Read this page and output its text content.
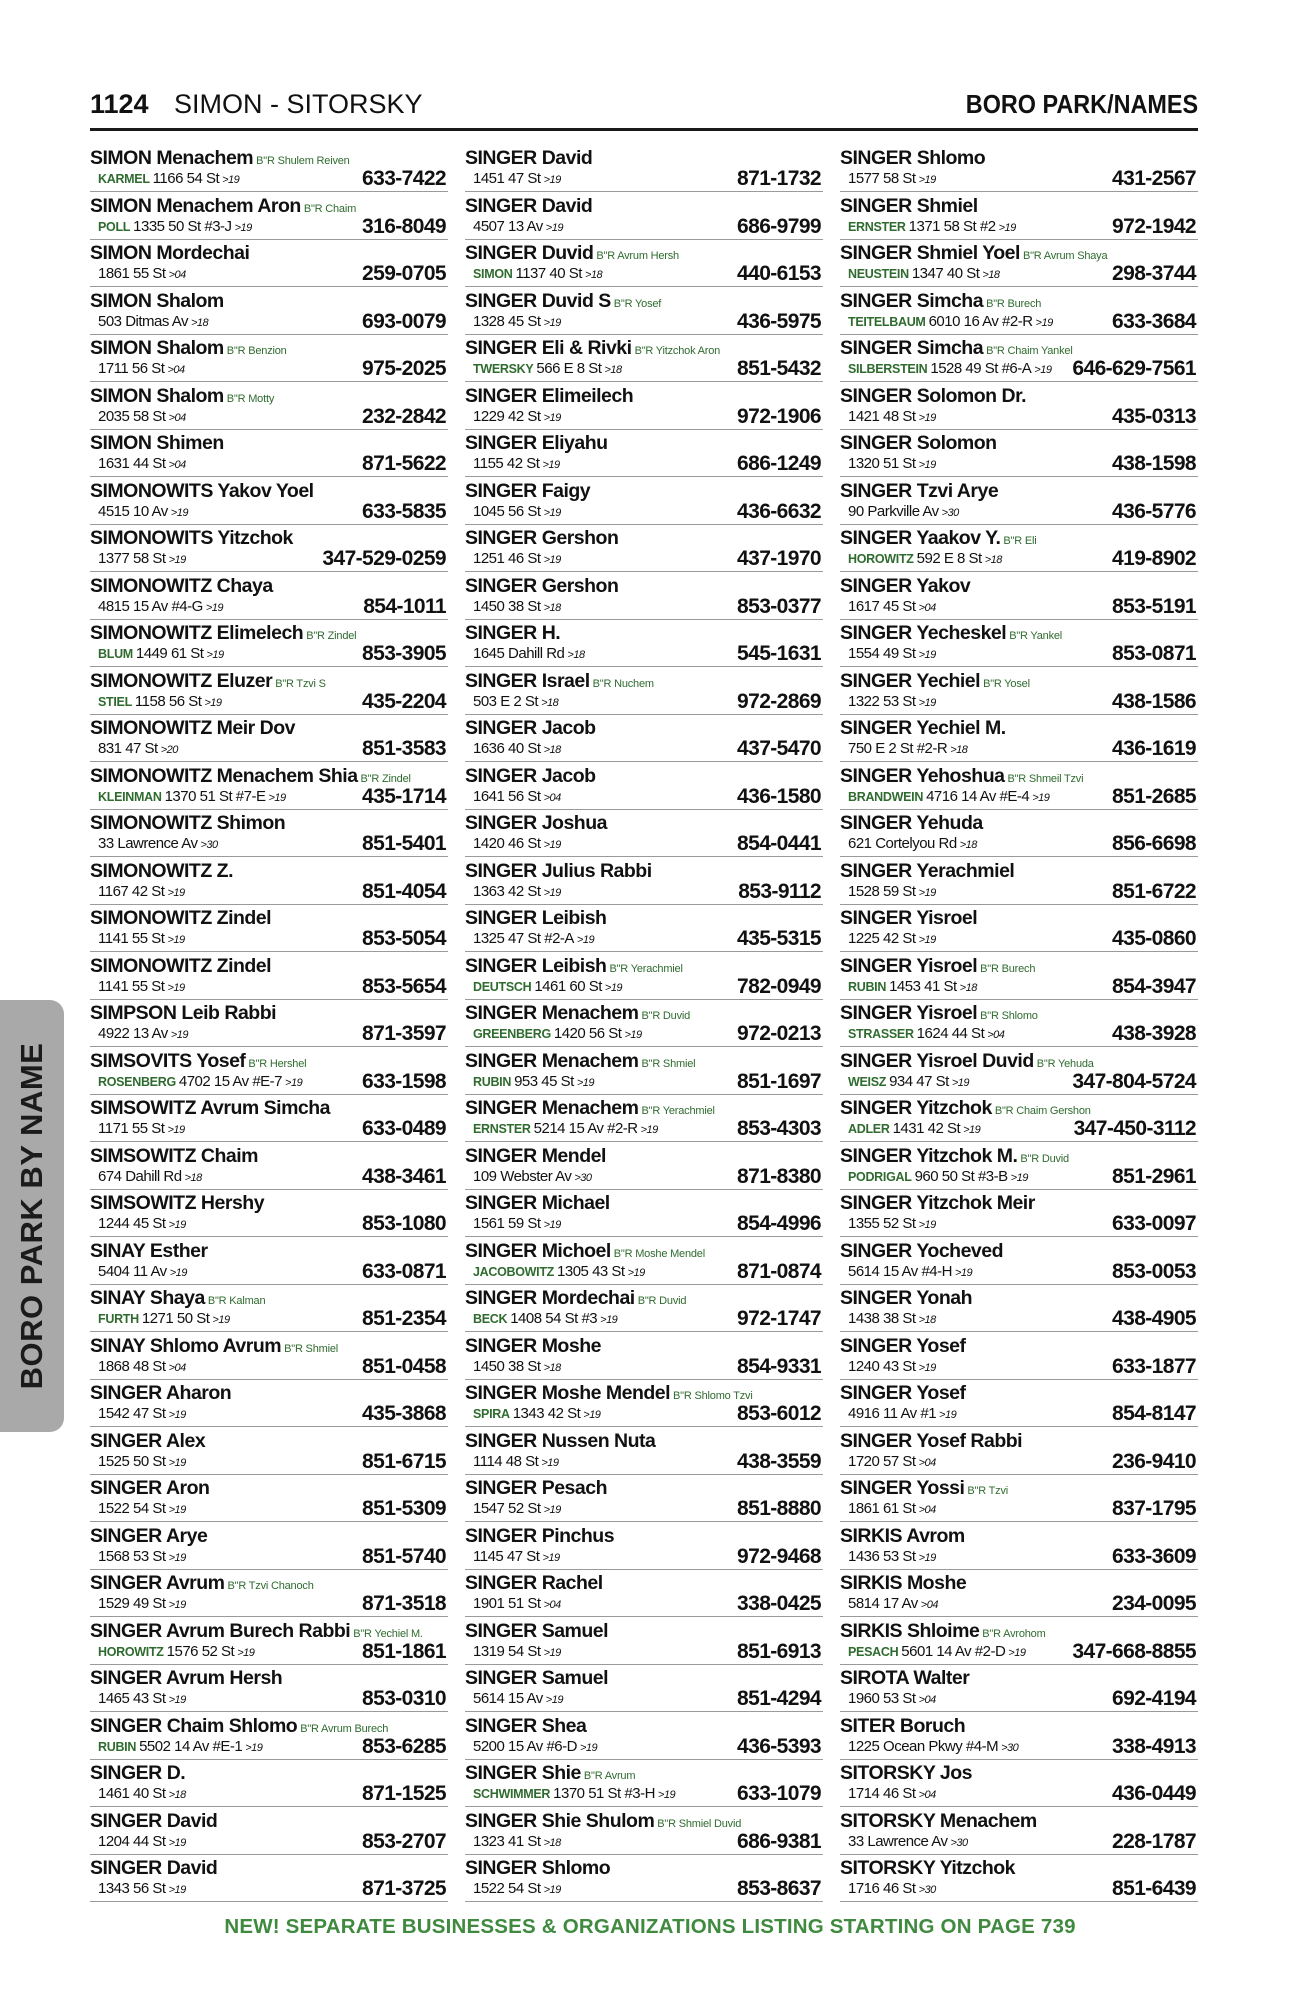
1124 SIMON - SITORSKY	BORO PARK/NAMES
BORO PARK BY NAME
SIMON Menachem B"R Shulem Reiven
KARMEL 1166 54 St >19	633-7422
SIMON Menachem Aron B"R Chaim
POLL 1335 50 St #3-J >19	316-8049
SIMON Mordechai
1861 55 St >04	259-0705
SIMON Shalom
503 Ditmas Av >18	693-0079
SIMON Shalom B"R Benzion
1711 56 St >04	975-2025
SIMON Shalom B"R Motty
2035 58 St >04	232-2842
SIMON Shimen
1631 44 St >04	871-5622
SIMONOWITS Yakov Yoel
4515 10 Av >19	633-5835
SIMONOWITS Yitzchok
1377 58 St >19	347-529-0259
SIMONOWITZ Chaya
4815 15 Av #4-G >19	854-1011
SIMONOWITZ Elimelech B"R Zindel
BLUM 1449 61 St >19	853-3905
SIMONOWITZ Eluzer B"R Tzvi S
STIEL 1158 56 St >19	435-2204
SIMONOWITZ Meir Dov
831 47 St >20	851-3583
SIMONOWITZ Menachem Shia B"R Zindel
KLEINMAN 1370 51 St #7-E >19	435-1714
SIMONOWITZ Shimon
33 Lawrence Av >30	851-5401
SIMONOWITZ Z.
1167 42 St >19	851-4054
SIMONOWITZ Zindel
1141 55 St >19	853-5054
SIMONOWITZ Zindel
1141 55 St >19	853-5654
SIMPSON Leib Rabbi
4922 13 Av >19	871-3597
SIMSOVITS Yosef B"R Hershel
ROSENBERG 4702 15 Av #E-7 >19	633-1598
SIMSOWITZ Avrum Simcha
1171 55 St >19	633-0489
SIMSOWITZ Chaim
674 Dahill Rd >18	438-3461
SIMSOWITZ Hershy
1244 45 St >19	853-1080
SINAY Esther
5404 11 Av >19	633-0871
SINAY Shaya B"R Kalman
FURTH 1271 50 St >19	851-2354
SINAY Shlomo Avrum B"R Shmiel
1868 48 St >04	851-0458
SINGER Aharon
1542 47 St >19	435-3868
SINGER Alex
1525 50 St >19	851-6715
SINGER Aron
1522 54 St >19	851-5309
SINGER Arye
1568 53 St >19	851-5740
SINGER Avrum B"R Tzvi Chanoch
1529 49 St >19	871-3518
SINGER Avrum Burech Rabbi B"R Yechiel M.
HOROWITZ 1576 52 St >19	851-1861
SINGER Avrum Hersh
1465 43 St >19	853-0310
SINGER Chaim Shlomo B"R Avrum Burech
RUBIN 5502 14 Av #E-1 >19	853-6285
SINGER D.
1461 40 St >18	871-1525
SINGER David
1204 44 St >19	853-2707
SINGER David
1343 56 St >19	871-3725
SINGER David
1451 47 St >19	871-1732
SINGER David
4507 13 Av >19	686-9799
SINGER Duvid B"R Avrum Hersh
SIMON 1137 40 St >18	440-6153
SINGER Duvid S B"R Yosef
1328 45 St >19	436-5975
SINGER Eli & Rivki B"R Yitzchok Aron
TWERSKY 566 E 8 St >18	851-5432
SINGER Elimeilech
1229 42 St >19	972-1906
SINGER Eliyahu
1155 42 St >19	686-1249
SINGER Faigy
1045 56 St >19	436-6632
SINGER Gershon
1251 46 St >19	437-1970
SINGER Gershon
1450 38 St >18	853-0377
SINGER H.
1645 Dahill Rd >18	545-1631
SINGER Israel B"R Nuchem
503 E 2 St >18	972-2869
SINGER Jacob
1636 40 St >18	437-5470
SINGER Jacob
1641 56 St >04	436-1580
SINGER Joshua
1420 46 St >19	854-0441
SINGER Julius Rabbi
1363 42 St >19	853-9112
SINGER Leibish
1325 47 St #2-A >19	435-5315
SINGER Leibish B"R Yerachmiel
DEUTSCH 1461 60 St >19	782-0949
SINGER Menachem B"R Duvid
GREENBERG 1420 56 St >19	972-0213
SINGER Menachem B"R Shmiel
RUBIN 953 45 St >19	851-1697
SINGER Menachem B"R Yerachmiel
ERNSTER 5214 15 Av #2-R >19	853-4303
SINGER Mendel
109 Webster Av >30	871-8380
SINGER Michael
1561 59 St >19	854-4996
SINGER Michoel B"R Moshe Mendel
JACOBOWITZ 1305 43 St >19	871-0874
SINGER Mordechai B"R Duvid
BECK 1408 54 St #3 >19	972-1747
SINGER Moshe
1450 38 St >18	854-9331
SINGER Moshe Mendel B"R Shlomo Tzvi
SPIRA 1343 42 St >19	853-6012
SINGER Nussen Nuta
1114 48 St >19	438-3559
SINGER Pesach
1547 52 St >19	851-8880
SINGER Pinchus
1145 47 St >19	972-9468
SINGER Rachel
1901 51 St >04	338-0425
SINGER Samuel
1319 54 St >19	851-6913
SINGER Samuel
5614 15 Av >19	851-4294
SINGER Shea
5200 15 Av #6-D >19	436-5393
SINGER Shie B"R Avrum
SCHWIMMER 1370 51 St #3-H >19	633-1079
SINGER Shie Shulom B"R Shmiel Duvid
1323 41 St >18	686-9381
SINGER Shlomo
1522 54 St >19	853-8637
SINGER Shlomo
1577 58 St >19	431-2567
SINGER Shmiel
ERNSTER 1371 58 St #2 >19	972-1942
SINGER Shmiel Yoel B"R Avrum Shaya
NEUSTEIN 1347 40 St >18	298-3744
SINGER Simcha B"R Burech
TEITELBAUM 6010 16 Av #2-R >19	633-3684
SINGER Simcha B"R Chaim Yankel
SILBERSTEIN 1528 49 St #6-A >19 646-629-7561
SINGER Solomon Dr.
1421 48 St >19	435-0313
SINGER Solomon
1320 51 St >19	438-1598
SINGER Tzvi Arye
90 Parkville Av >30	436-5776
SINGER Yaakov Y. B"R Eli
HOROWITZ 592 E 8 St >18	419-8902
SINGER Yakov
1617 45 St >04	853-5191
SINGER Yecheskel B"R Yankel
1554 49 St >19	853-0871
SINGER Yechiel B"R Yosel
1322 53 St >19	438-1586
SINGER Yechiel M.
750 E 2 St #2-R >18	436-1619
SINGER Yehoshua B"R Shmeil Tzvi
BRANDWEIN 4716 14 Av #E-4 >19	851-2685
SINGER Yehuda
621 Cortelyou Rd >18	856-6698
SINGER Yerachmiel
1528 59 St >19	851-6722
SINGER Yisroel
1225 42 St >19	435-0860
SINGER Yisroel B"R Burech
RUBIN 1453 41 St >18	854-3947
SINGER Yisroel B"R Shlomo
STRASSER 1624 44 St >04	438-3928
SINGER Yisroel Duvid B"R Yehuda
WEISZ 934 47 St >19	347-804-5724
SINGER Yitzchok B"R Chaim Gershon
ADLER 1431 42 St >19	347-450-3112
SINGER Yitzchok M. B"R Duvid
PODRIGAL 960 50 St #3-B >19	851-2961
SINGER Yitzchok Meir
1355 52 St >19	633-0097
SINGER Yocheved
5614 15 Av #4-H >19	853-0053
SINGER Yonah
1438 38 St >18	438-4905
SINGER Yosef
1240 43 St >19	633-1877
SINGER Yosef
4916 11 Av #1 >19	854-8147
SINGER Yosef Rabbi
1720 57 St >04	236-9410
SINGER Yossi B"R Tzvi
1861 61 St >04	837-1795
SIRKIS Avrom
1436 53 St >19	633-3609
SIRKIS Moshe
5814 17 Av >04	234-0095
SIRKIS Shloime B"R Avrohom
PESACH 5601 14 Av #2-D >19 347-668-8855
SIROTA Walter
1960 53 St >04	692-4194
SITER Boruch
1225 Ocean Pkwy #4-M >30	338-4913
SITORSKY Jos
1714 46 St >04	436-0449
SITORSKY Menachem
33 Lawrence Av >30	228-1787
SITORSKY Yitzchok
1716 46 St >30	851-6439
NEW! SEPARATE BUSINESSES & ORGANIZATIONS LISTING STARTING ON PAGE 739
